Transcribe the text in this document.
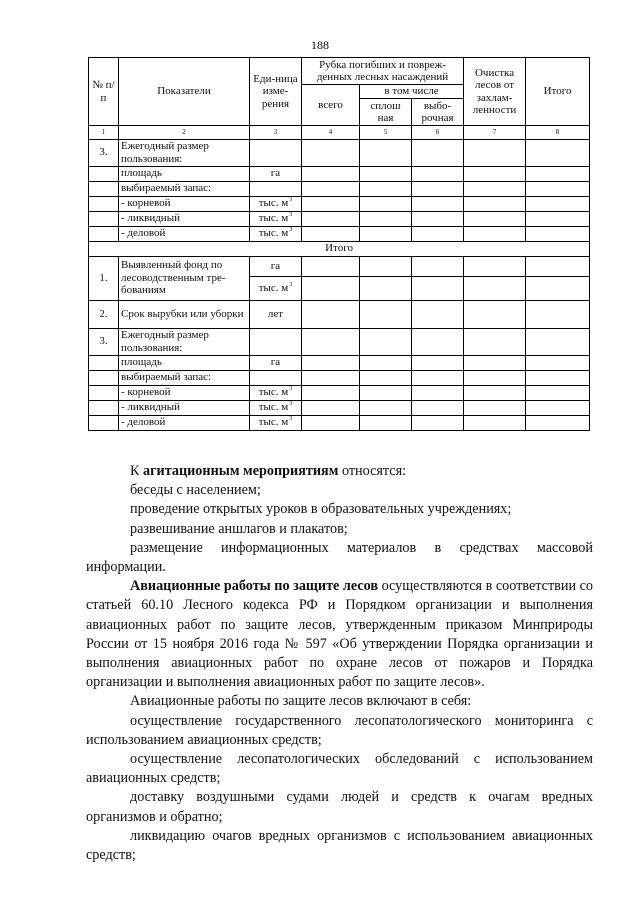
188
№ п/п	Показатели	Еди-ница изме-рения	Рубка погибших и повреж-денных лесных насаждений			Очистка лесов от захлам-ленности	Итого
			всего	в том числе			
				сплош ная	выбо-рочная		
1	2	3	4	5	6	7	8
3.	Ежегодный размер пользования:						
	площадь	га					
	выбираемый запас:						
	- корневой	тыс. $м^3$					
	- ликвидный	тыс. $м^3$					
	- деловой	тыс. $м^3$					
Итого							
1.	Выявленный фонд по лесоводственным тре-бованиям	га					
		тыс. $м^3$					
2.	Срок вырубки или уборки	лет					
3.	Ежегодный размер пользования:						
	площадь	га					
	выбираемый запас:						
	- корневой	тыс. $м^3$					
	- ликвидный	тыс. $м^3$					
	- деловой	тыс. $м^3$					

К агитационным мероприятиям относятся:

беседы с населением;

проведение открытых уроков в образовательных учреждениях;

развешивание аншлагов и плакатов;

размещение информационных материалов в средствах массовой информации.

Авиационные работы по защите лесов осуществляются в соответствии со статьей 60.10 Лесного кодекса РФ и Порядком организации и выполнения авиационных работ по защите лесов, утвержденным приказом Минприроды России от 15 ноября 2016 года № 597 «Об утверждении Порядка организации и выполнения авиационных работ по охране лесов от пожаров и Порядка организации и выполнения авиационных работ по защите лесов».

Авиационные работы по защите лесов включают в себя:

осуществление государственного лесопатологического мониторинга с использованием авиационных средств;

осуществление лесопатологических обследований с использованием авиационных средств;

доставку воздушными судами людей и средств к очагам вредных организмов и обратно;

ликвидацию очагов вредных организмов с использованием авиационных средств;
